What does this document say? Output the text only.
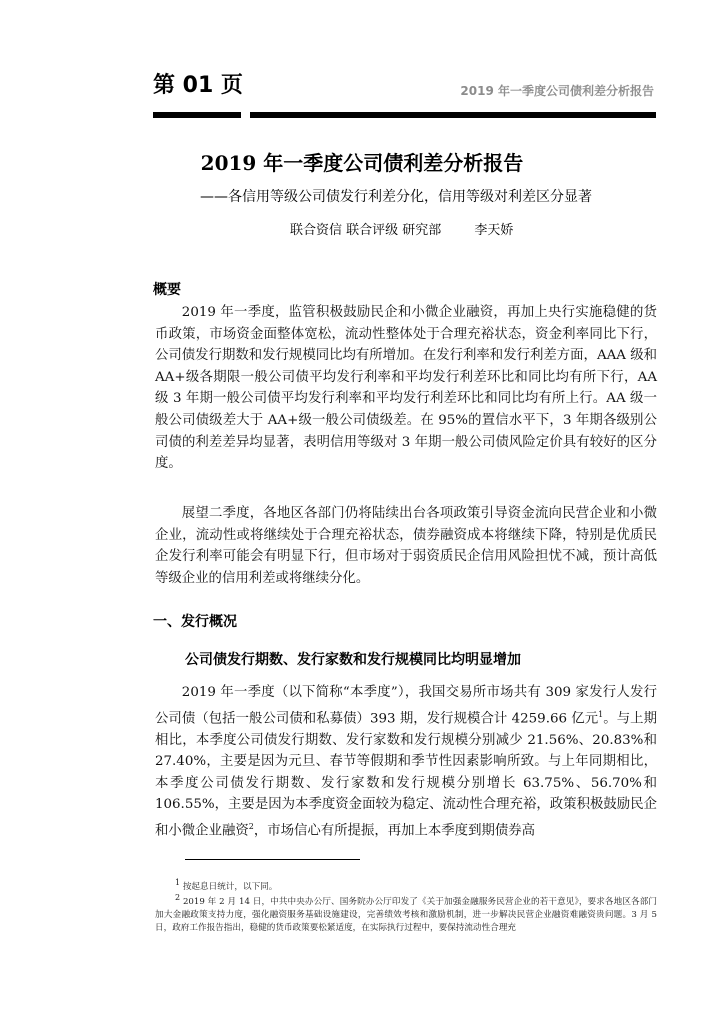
第 01 页	2019 年一季度公司债利差分析报告
2019 年一季度公司债利差分析报告
——各信用等级公司债发行利差分化，信用等级对利差区分显著
联合资信 联合评级 研究部        李天娇
概要

2019 年一季度，监管积极鼓励民企和小微企业融资，再加上央行实施稳健的货币政策，市场资金面整体宽松，流动性整体处于合理充裕状态，资金利率同比下行，公司债发行期数和发行规模同比均有所增加。在发行利率和发行利差方面，AAA 级和 AA+级各期限一般公司债平均发行利率和平均发行利差环比和同比均有所下行，AA 级 3 年期一般公司债平均发行利率和平均发行利差环比和同比均有所上行。AA 级一般公司债级差大于 AA+级一般公司债级差。在 95%的置信水平下，3 年期各级别公司债的利差差异均显著，表明信用等级对 3 年期一般公司债风险定价具有较好的区分度。

展望二季度，各地区各部门仍将陆续出台各项政策引导资金流向民营企业和小微企业，流动性或将继续处于合理充裕状态，债券融资成本将继续下降，特别是优质民企发行利率可能会有明显下行，但市场对于弱资质民企信用风险担忧不减，预计高低等级企业的信用利差或将继续分化。

一、发行概况
公司债发行期数、发行家数和发行规模同比均明显增加

2019 年一季度（以下简称“本季度”），我国交易所市场共有 309 家发行人发行公司债（包括一般公司债和私募债）393 期，发行规模合计 4259.66 亿元$^1$。与上期相比，本季度公司债发行期数、发行家数和发行规模分别减少 21.56%、20.83%和 27.40%，主要是因为元旦、春节等假期和季节性因素影响所致。与上年同期相比，本季度公司债发行期数、发行家数和发行规模分别增长 63.75%、56.70%和 106.55%，主要是因为本季度资金面较为稳定、流动性合理充裕，政策积极鼓励民企和小微企业融资$^2$，市场信心有所提振，再加上本季度到期债券高

$^1$ 按起息日统计，以下同。

$^2$ 2019 年 2 月 14 日，中共中央办公厅、国务院办公厅印发了《关于加强金融服务民营企业的若干意见》，要求各地区各部门加大金融政策支持力度，强化融资服务基础设施建设，完善绩效考核和激励机制，进一步解决民营企业融资难融资贵问题。3 月 5 日，政府工作报告指出，稳健的货币政策要松紧适度，在实际执行过程中，要保持流动性合理充
